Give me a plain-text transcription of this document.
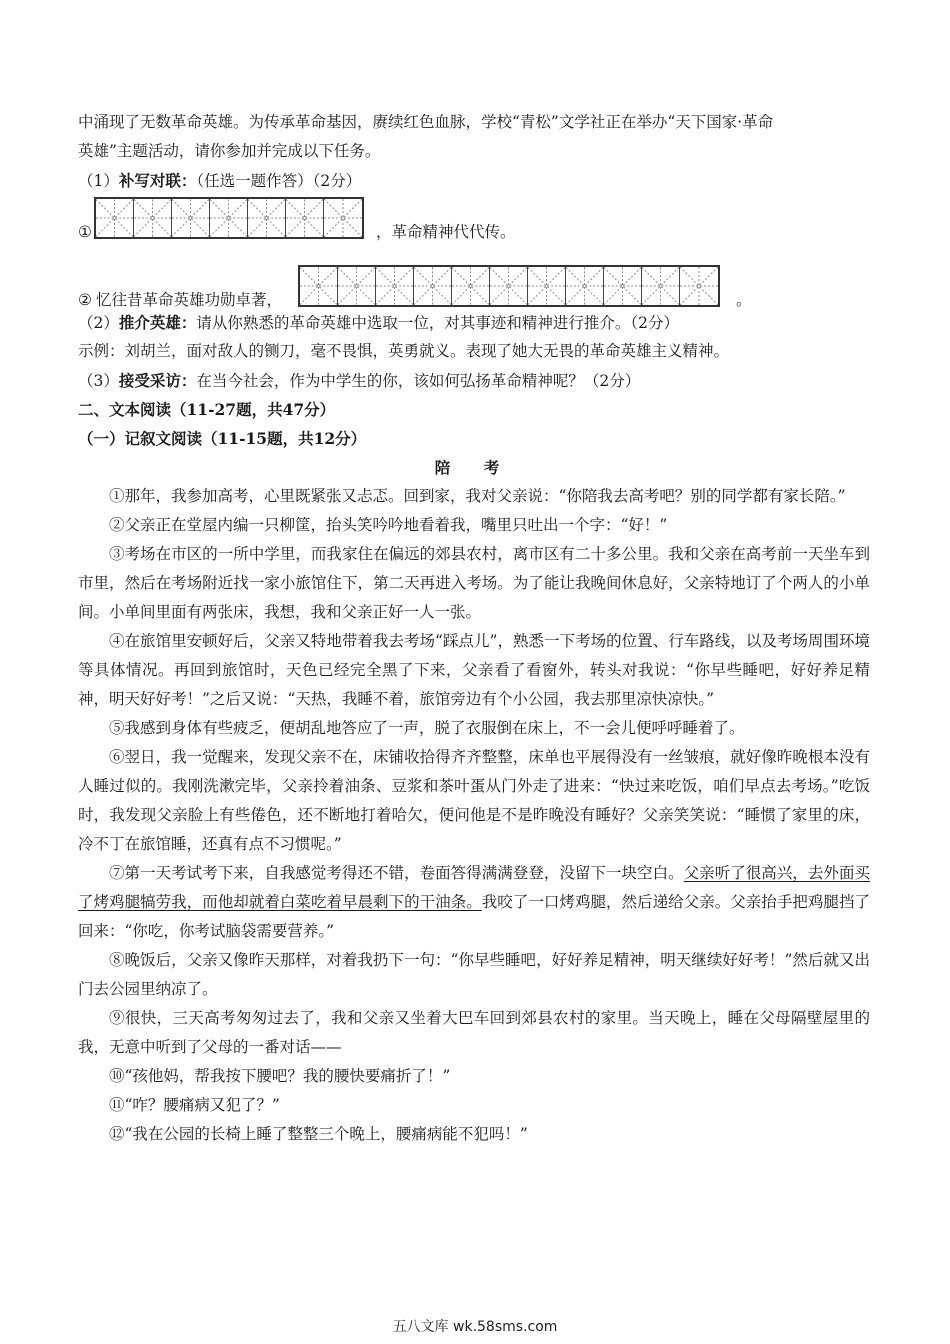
中涌现了无数革命英雄。为传承革命基因，赓续红色血脉，学校“青松”文学社正在举办“天下国家·革命
英雄”主题活动，请你参加并完成以下任务。
（1）补写对联：（任选一题作答）（2分）
①	，革命精神代代传。
② 忆往昔革命英雄功勋卓著，	。
（2）推介英雄：请从你熟悉的革命英雄中选取一位，对其事迹和精神进行推介。（2分）
示例：刘胡兰，面对敌人的铡刀，毫不畏惧，英勇就义。表现了她大无畏的革命英雄主义精神。
（3）接受采访：在当今社会，作为中学生的你，该如何弘扬革命精神呢？（2分）
二、文本阅读（11-27题，共47分）
（一）记叙文阅读（11-15题，共12分）
陪 考

①那年，我参加高考，心里既紧张又忐忑。回到家，我对父亲说：“你陪我去高考吧？别的同学都有家长陪。”

②父亲正在堂屋内编一只柳筐，抬头笑吟吟地看着我，嘴里只吐出一个字：“好！”

③考场在市区的一所中学里，而我家住在偏远的郊县农村，离市区有二十多公里。我和父亲在高考前一天坐车到市里，然后在考场附近找一家小旅馆住下，第二天再进入考场。为了能让我晚间休息好，父亲特地订了个两人的小单间。小单间里面有两张床，我想，我和父亲正好一人一张。

④在旅馆里安顿好后，父亲又特地带着我去考场“踩点儿”，熟悉一下考场的位置、行车路线，以及考场周围环境等具体情况。再回到旅馆时，天色已经完全黑了下来，父亲看了看窗外，转头对我说：“你早些睡吧，好好养足精神，明天好好考！”之后又说：“天热，我睡不着，旅馆旁边有个小公园，我去那里凉快凉快。”

⑤我感到身体有些疲乏，便胡乱地答应了一声，脱了衣服倒在床上，不一会儿便呼呼睡着了。

⑥翌日，我一觉醒来，发现父亲不在，床铺收拾得齐齐整整，床单也平展得没有一丝皱痕，就好像昨晚根本没有人睡过似的。我刚洗漱完毕，父亲拎着油条、豆浆和茶叶蛋从门外走了进来：“快过来吃饭，咱们早点去考场。”吃饭时，我发现父亲脸上有些倦色，还不断地打着哈欠，便问他是不是昨晚没有睡好？父亲笑笑说：“睡惯了家里的床，冷不丁在旅馆睡，还真有点不习惯呢。”

⑦第一天考试考下来，自我感觉考得还不错，卷面答得满满登登，没留下一块空白。父亲听了很高兴，去外面买了烤鸡腿犒劳我，而他却就着白菜吃着早晨剩下的干油条。我咬了一口烤鸡腿，然后递给父亲。父亲抬手把鸡腿挡了回来：“你吃，你考试脑袋需要营养。”

⑧晚饭后，父亲又像昨天那样，对着我扔下一句：“你早些睡吧，好好养足精神，明天继续好好考！”然后就又出门去公园里纳凉了。

⑨很快，三天高考匆匆过去了，我和父亲又坐着大巴车回到郊县农村的家里。当天晚上，睡在父母隔壁屋里的我，无意中听到了父母的一番对话——

⑩“孩他妈，帮我按下腰吧？我的腰快要痛折了！”

⑪“咋？腰痛病又犯了？”

⑫“我在公园的长椅上睡了整整三个晚上，腰痛病能不犯吗！”

五八文库 wk.58sms.com
